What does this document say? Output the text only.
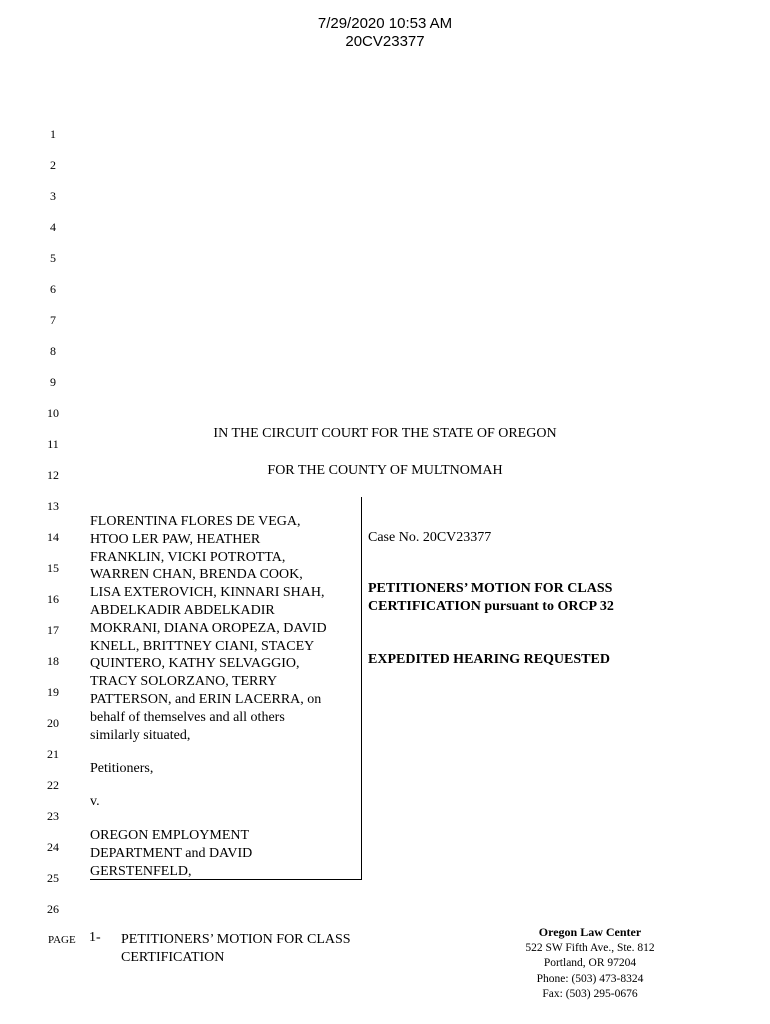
7/29/2020 10:53 AM
20CV23377
1
2
3
4
5
6
7
8
9
10
11
12
13
14
15
16
17
18
19
20
21
22
23
24
25
26
IN THE CIRCUIT COURT FOR THE STATE OF OREGON
FOR THE COUNTY OF MULTNOMAH

FLORENTINA FLORES DE VEGA,

HTOO LER PAW, HEATHER

FRANKLIN, VICKI POTROTTA,

WARREN CHAN, BRENDA COOK,

LISA EXTEROVICH, KINNARI SHAH,

ABDELKADIR ABDELKADIR

MOKRANI, DIANA OROPEZA, DAVID

KNELL, BRITTNEY CIANI, STACEY

QUINTERO, KATHY SELVAGGIO,

TRACY SOLORZANO, TERRY

PATTERSON, and ERIN LACERRA, on

behalf of themselves and all others

similarly situated,

Petitioners,

v.

OREGON EMPLOYMENT

DEPARTMENT and DAVID

GERSTENFELD,

Case No. 20CV23377
PETITIONERS’ MOTION FOR CLASS
CERTIFICATION pursuant to ORCP 32
EXPEDITED HEARING REQUESTED
PAGE 1- PETITIONERS’ MOTION FOR CLASS
CERTIFICATION
Oregon Law Center
522 SW Fifth Ave., Ste. 812
Portland, OR 97204
Phone: (503) 473-8324
Fax: (503) 295-0676
